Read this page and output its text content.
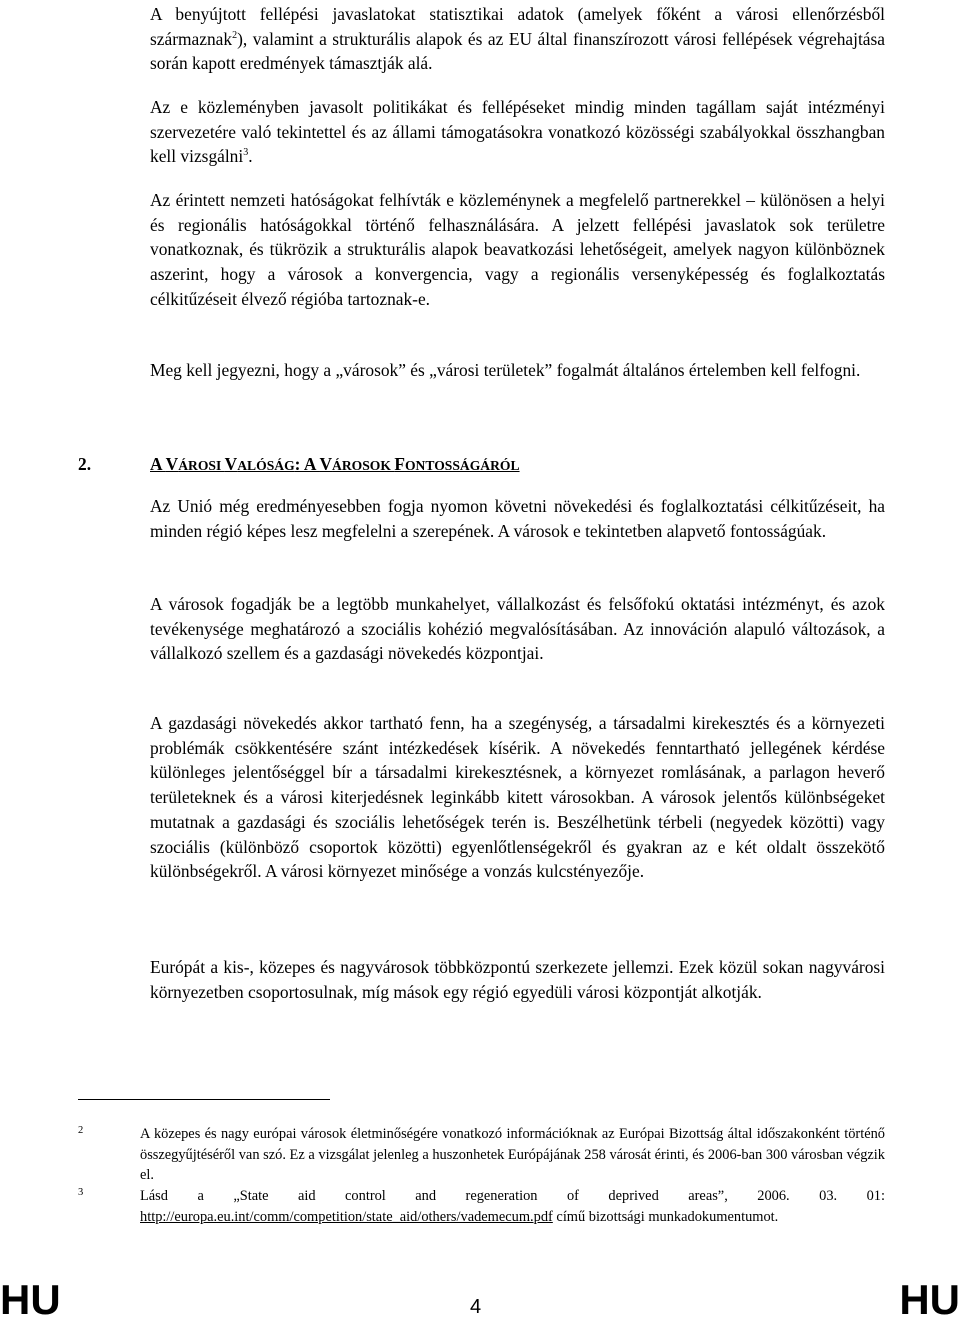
A benyújtott fellépési javaslatokat statisztikai adatok (amelyek főként a városi ellenőrzésből származnak$^2$), valamint a strukturális alapok és az EU által finanszírozott városi fellépések végrehajtása során kapott eredmények támasztják alá.

Az e közleményben javasolt politikákat és fellépéseket mindig minden tagállam saját intézményi szervezetére való tekintettel és az állami támogatásokra vonatkozó közösségi szabályokkal összhangban kell vizsgálni$^3$.

Az érintett nemzeti hatóságokat felhívták e közleménynek a megfelelő partnerekkel – különösen a helyi és regionális hatóságokkal történő felhasználására. A jelzett fellépési javaslatok sok területre vonatkoznak, és tükrözik a strukturális alapok beavatkozási lehetőségeit, amelyek nagyon különböznek aszerint, hogy a városok a konvergencia, vagy a regionális versenyképesség és foglalkoztatás célkitűzéseit élvező régióba tartoznak-e.

Meg kell jegyezni, hogy a „városok” és „városi területek” fogalmát általános értelemben kell felfogni.

2.	A VÁROSI VALÓSÁG: A VÁROSOK FONTOSSÁGÁRÓL

Az Unió még eredményesebben fogja nyomon követni növekedési és foglalkoztatási célkitűzéseit, ha minden régió képes lesz megfelelni a szerepének. A városok e tekintetben alapvető fontosságúak.

A városok fogadják be a legtöbb munkahelyet, vállalkozást és felsőfokú oktatási intézményt, és azok tevékenysége meghatározó a szociális kohézió megvalósításában. Az innováción alapuló változások, a vállalkozó szellem és a gazdasági növekedés központjai.

A gazdasági növekedés akkor tartható fenn, ha a szegénység, a társadalmi kirekesztés és a környezeti problémák csökkentésére szánt intézkedések kísérik. A növekedés fenntartható jellegének kérdése különleges jelentőséggel bír a társadalmi kirekesztésnek, a környezet romlásának, a parlagon heverő területeknek és a városi kiterjedésnek leginkább kitett városokban. A városok jelentős különbségeket mutatnak a gazdasági és szociális lehetőségek terén is. Beszélhetünk térbeli (negyedek közötti) vagy szociális (különböző csoportok közötti) egyenlőtlenségekről és gyakran az e két oldalt összekötő különbségekről. A városi környezet minősége a vonzás kulcstényezője.

Európát a kis-, közepes és nagyvárosok többközpontú szerkezete jellemzi. Ezek közül sokan nagyvárosi környezetben csoportosulnak, míg mások egy régió egyedüli városi központját alkotják.

2	A közepes és nagy európai városok életminőségére vonatkozó információknak az Európai Bizottság által időszakonként történő összegyűjtéséről van szó. Ez a vizsgálat jelenleg a huszonhetek Európájának 258 városát érinti, és 2006-ban 300 városban végzik el.
3	Lásd a „State aid control and regeneration of deprived areas”, 2006. 03. 01: http://europa.eu.int/comm/competition/state_aid/others/vademecum.pdf című bizottsági munkadokumentumot.
HU	4	HU
